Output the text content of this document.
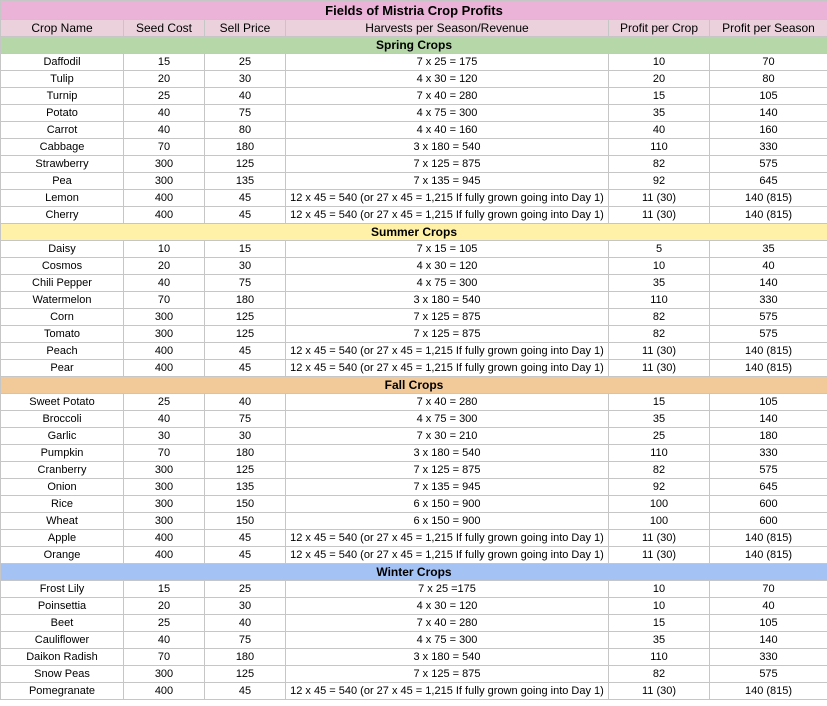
Fields of Mistria Crop Profits					
Crop Name	Seed Cost	Sell Price	Harvests per Season/Revenue	Profit per Crop	Profit per Season
Spring Crops					
Daffodil	15	25	7 x 25 = 175	10	70
Tulip	20	30	4 x 30 = 120	20	80
Turnip	25	40	7 x 40 = 280	15	105
Potato	40	75	4 x 75 = 300	35	140
Carrot	40	80	4 x 40 = 160	40	160
Cabbage	70	180	3 x 180 = 540	110	330
Strawberry	300	125	7 x 125 = 875	82	575
Pea	300	135	7 x 135 = 945	92	645
Lemon	400	45	12 x 45 = 540 (or 27 x 45 = 1,215 If fully grown going into Day 1)	11 (30)	140 (815)
Cherry	400	45	12 x 45 = 540 (or 27 x 45 = 1,215 If fully grown going into Day 1)	11 (30)	140 (815)
Summer Crops					
Daisy	10	15	7 x 15 = 105	5	35
Cosmos	20	30	4 x 30 = 120	10	40
Chili Pepper	40	75	4 x 75 = 300	35	140
Watermelon	70	180	3 x 180 = 540	110	330
Corn	300	125	7 x 125 = 875	82	575
Tomato	300	125	7 x 125 = 875	82	575
Peach	400	45	12 x 45 = 540 (or 27 x 45 = 1,215 If fully grown going into Day 1)	11 (30)	140 (815)
Pear	400	45	12 x 45 = 540 (or 27 x 45 = 1,215 If fully grown going into Day 1)	11 (30)	140 (815)
Fall Crops					
Sweet Potato	25	40	7 x 40 = 280	15	105
Broccoli	40	75	4 x 75 = 300	35	140
Garlic	30	30	7 x 30 = 210	25	180
Pumpkin	70	180	3 x 180 = 540	110	330
Cranberry	300	125	7 x 125 = 875	82	575
Onion	300	135	7 x 135 = 945	92	645
Rice	300	150	6 x 150 = 900	100	600
Wheat	300	150	6 x 150 = 900	100	600
Apple	400	45	12 x 45 = 540 (or 27 x 45 = 1,215 If fully grown going into Day 1)	11 (30)	140 (815)
Orange	400	45	12 x 45 = 540 (or 27 x 45 = 1,215 If fully grown going into Day 1)	11 (30)	140 (815)
Winter Crops					
Frost Lily	15	25	7 x 25 =175	10	70
Poinsettia	20	30	4 x 30 = 120	10	40
Beet	25	40	7 x 40 = 280	15	105
Cauliflower	40	75	4 x 75 = 300	35	140
Daikon Radish	70	180	3 x 180 = 540	110	330
Snow Peas	300	125	7 x 125 = 875	82	575
Pomegranate	400	45	12 x 45 = 540 (or 27 x 45 = 1,215 If fully grown going into Day 1)	11 (30)	140 (815)
